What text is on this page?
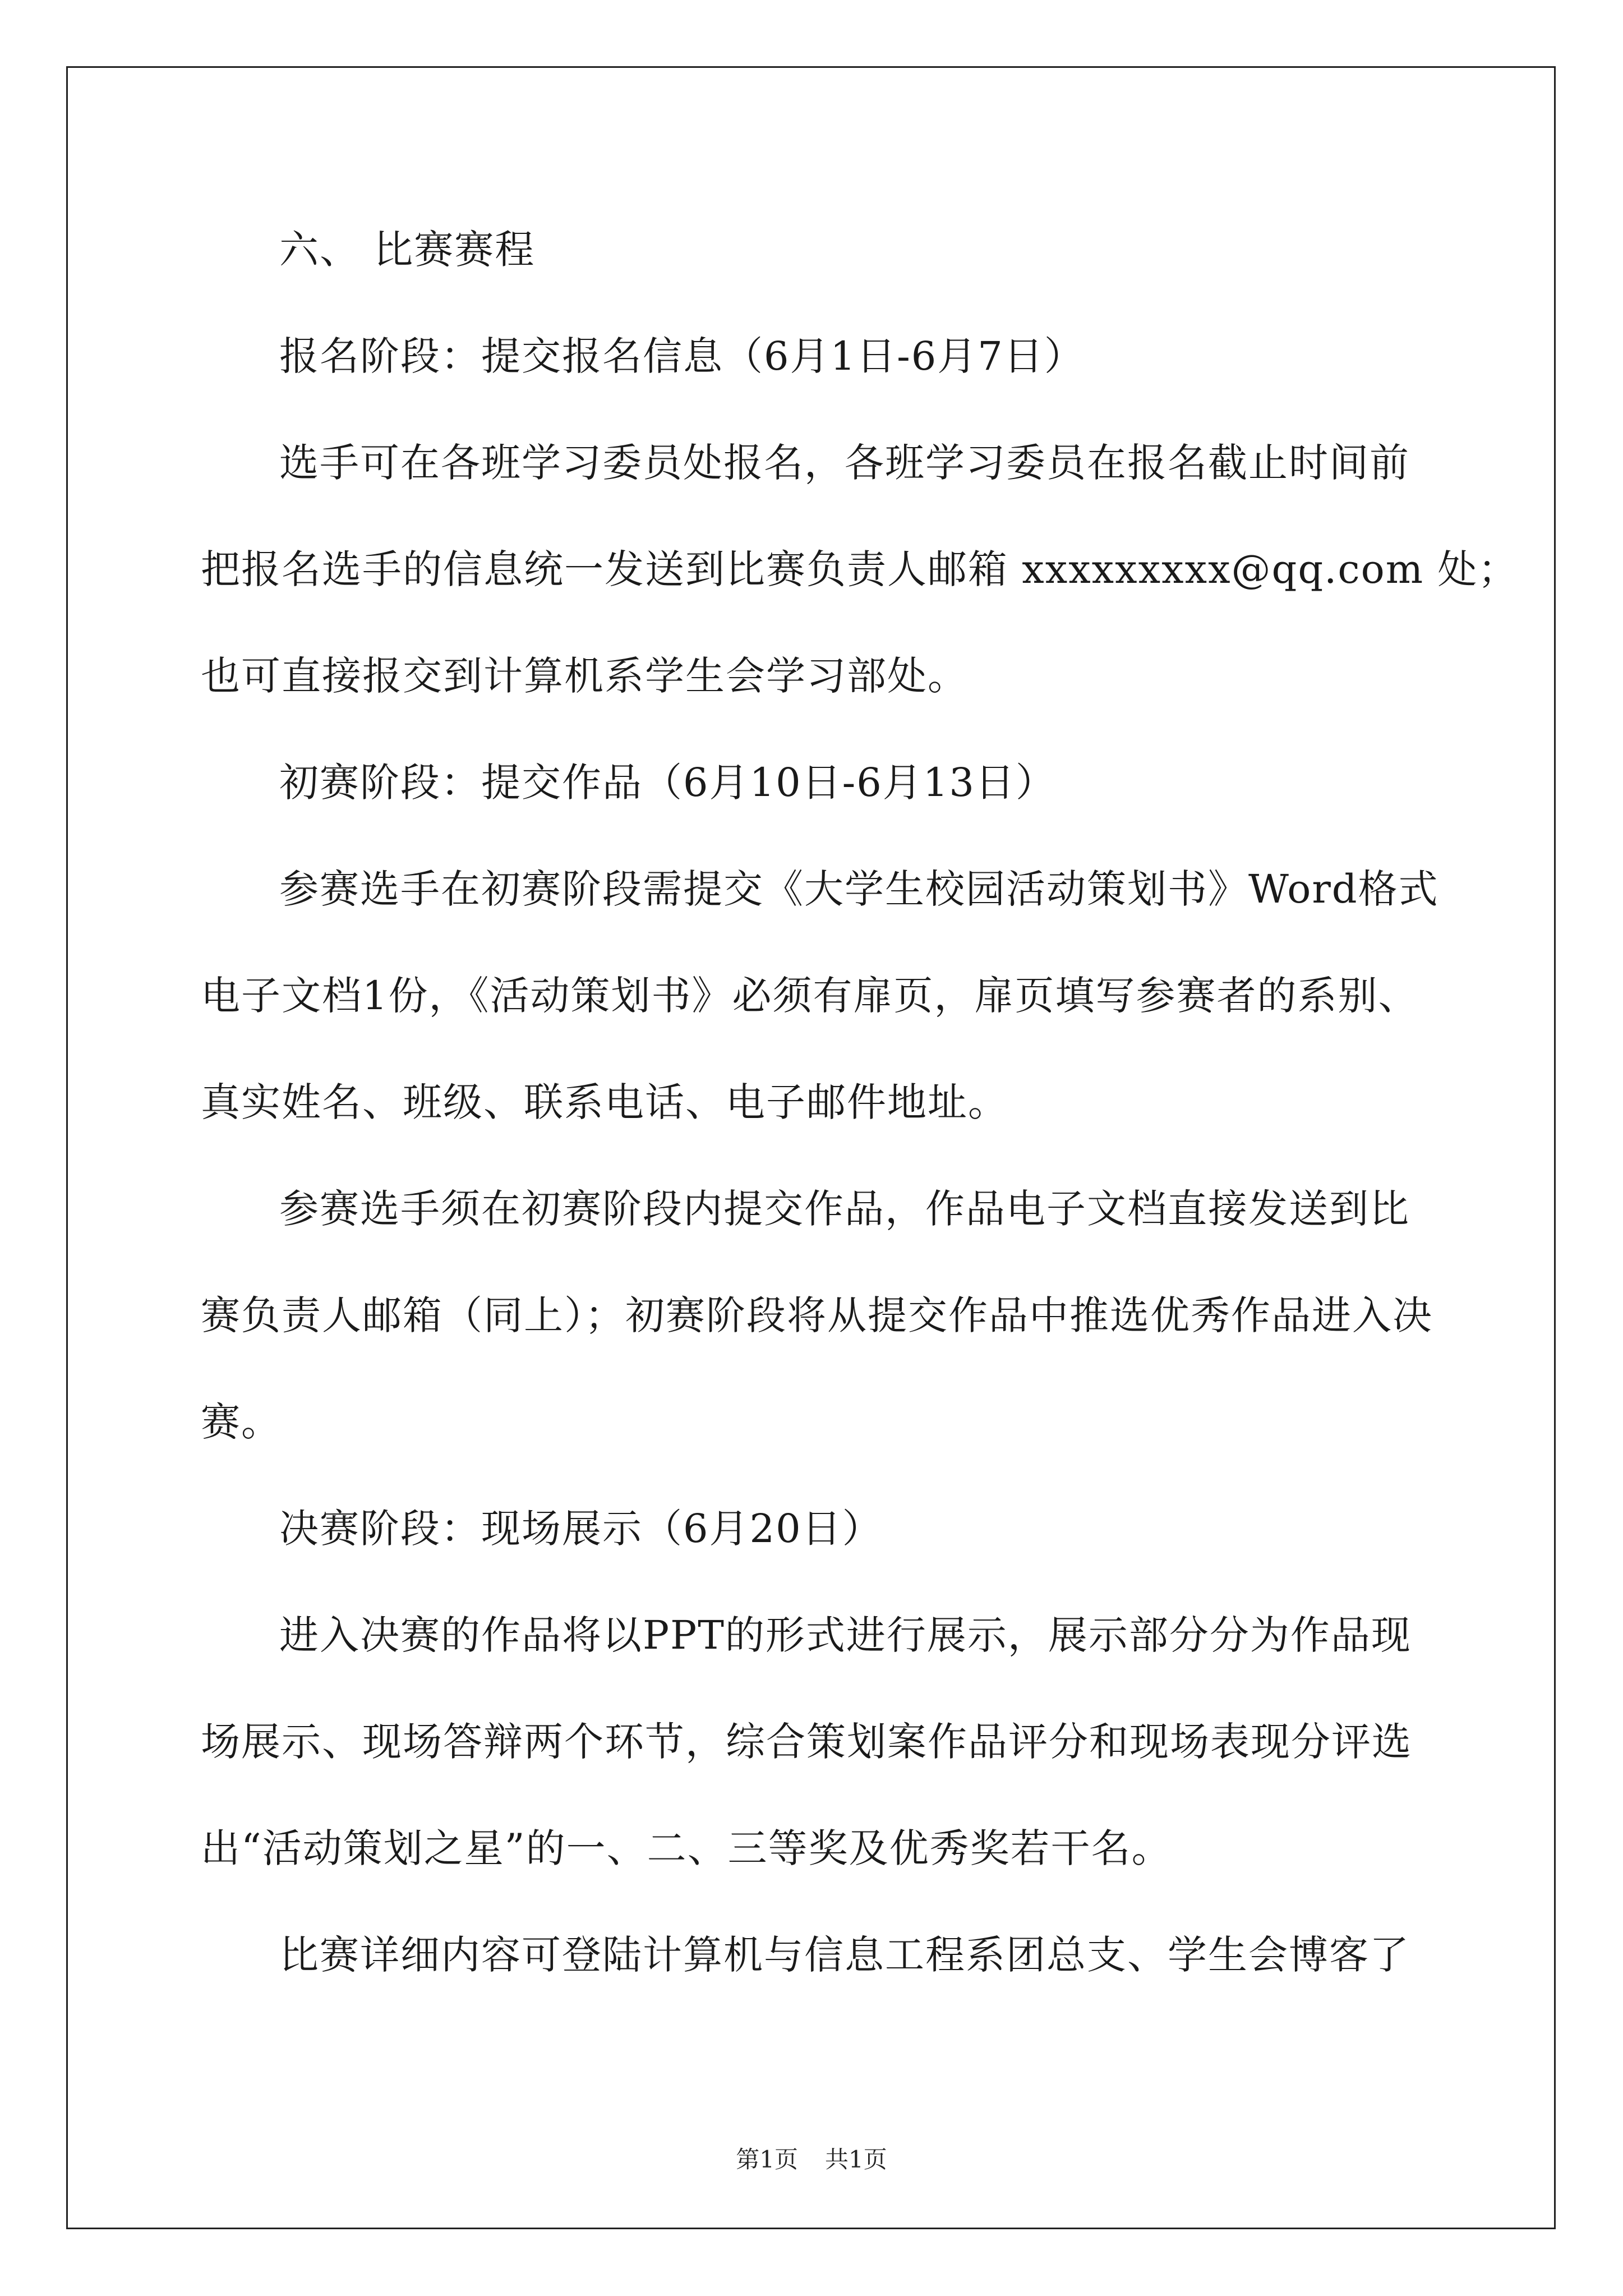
六、 比赛赛程
报名阶段：提交报名信息（6月1日-6月7日）
选手可在各班学习委员处报名，各班学习委员在报名截止时间前
把报名选手的信息统一发送到比赛负责人邮箱 xxxxxxxxx@qq.com 处；
也可直接报交到计算机系学生会学习部处。
初赛阶段：提交作品（6月10日-6月13日）
参赛选手在初赛阶段需提交《大学生校园活动策划书》Word格式
电子文档1份，《活动策划书》必须有扉页，扉页填写参赛者的系别、
真实姓名、班级、联系电话、电子邮件地址。
参赛选手须在初赛阶段内提交作品，作品电子文档直接发送到比
赛负责人邮箱（同上）；初赛阶段将从提交作品中推选优秀作品进入决
赛。
决赛阶段：现场展示（6月20日）
进入决赛的作品将以PPT的形式进行展示，展示部分分为作品现
场展示、现场答辩两个环节，综合策划案作品评分和现场表现分评选
出“活动策划之星”的一、二、三等奖及优秀奖若干名。
比赛详细内容可登陆计算机与信息工程系团总支、学生会博客了
第1页 共1页
